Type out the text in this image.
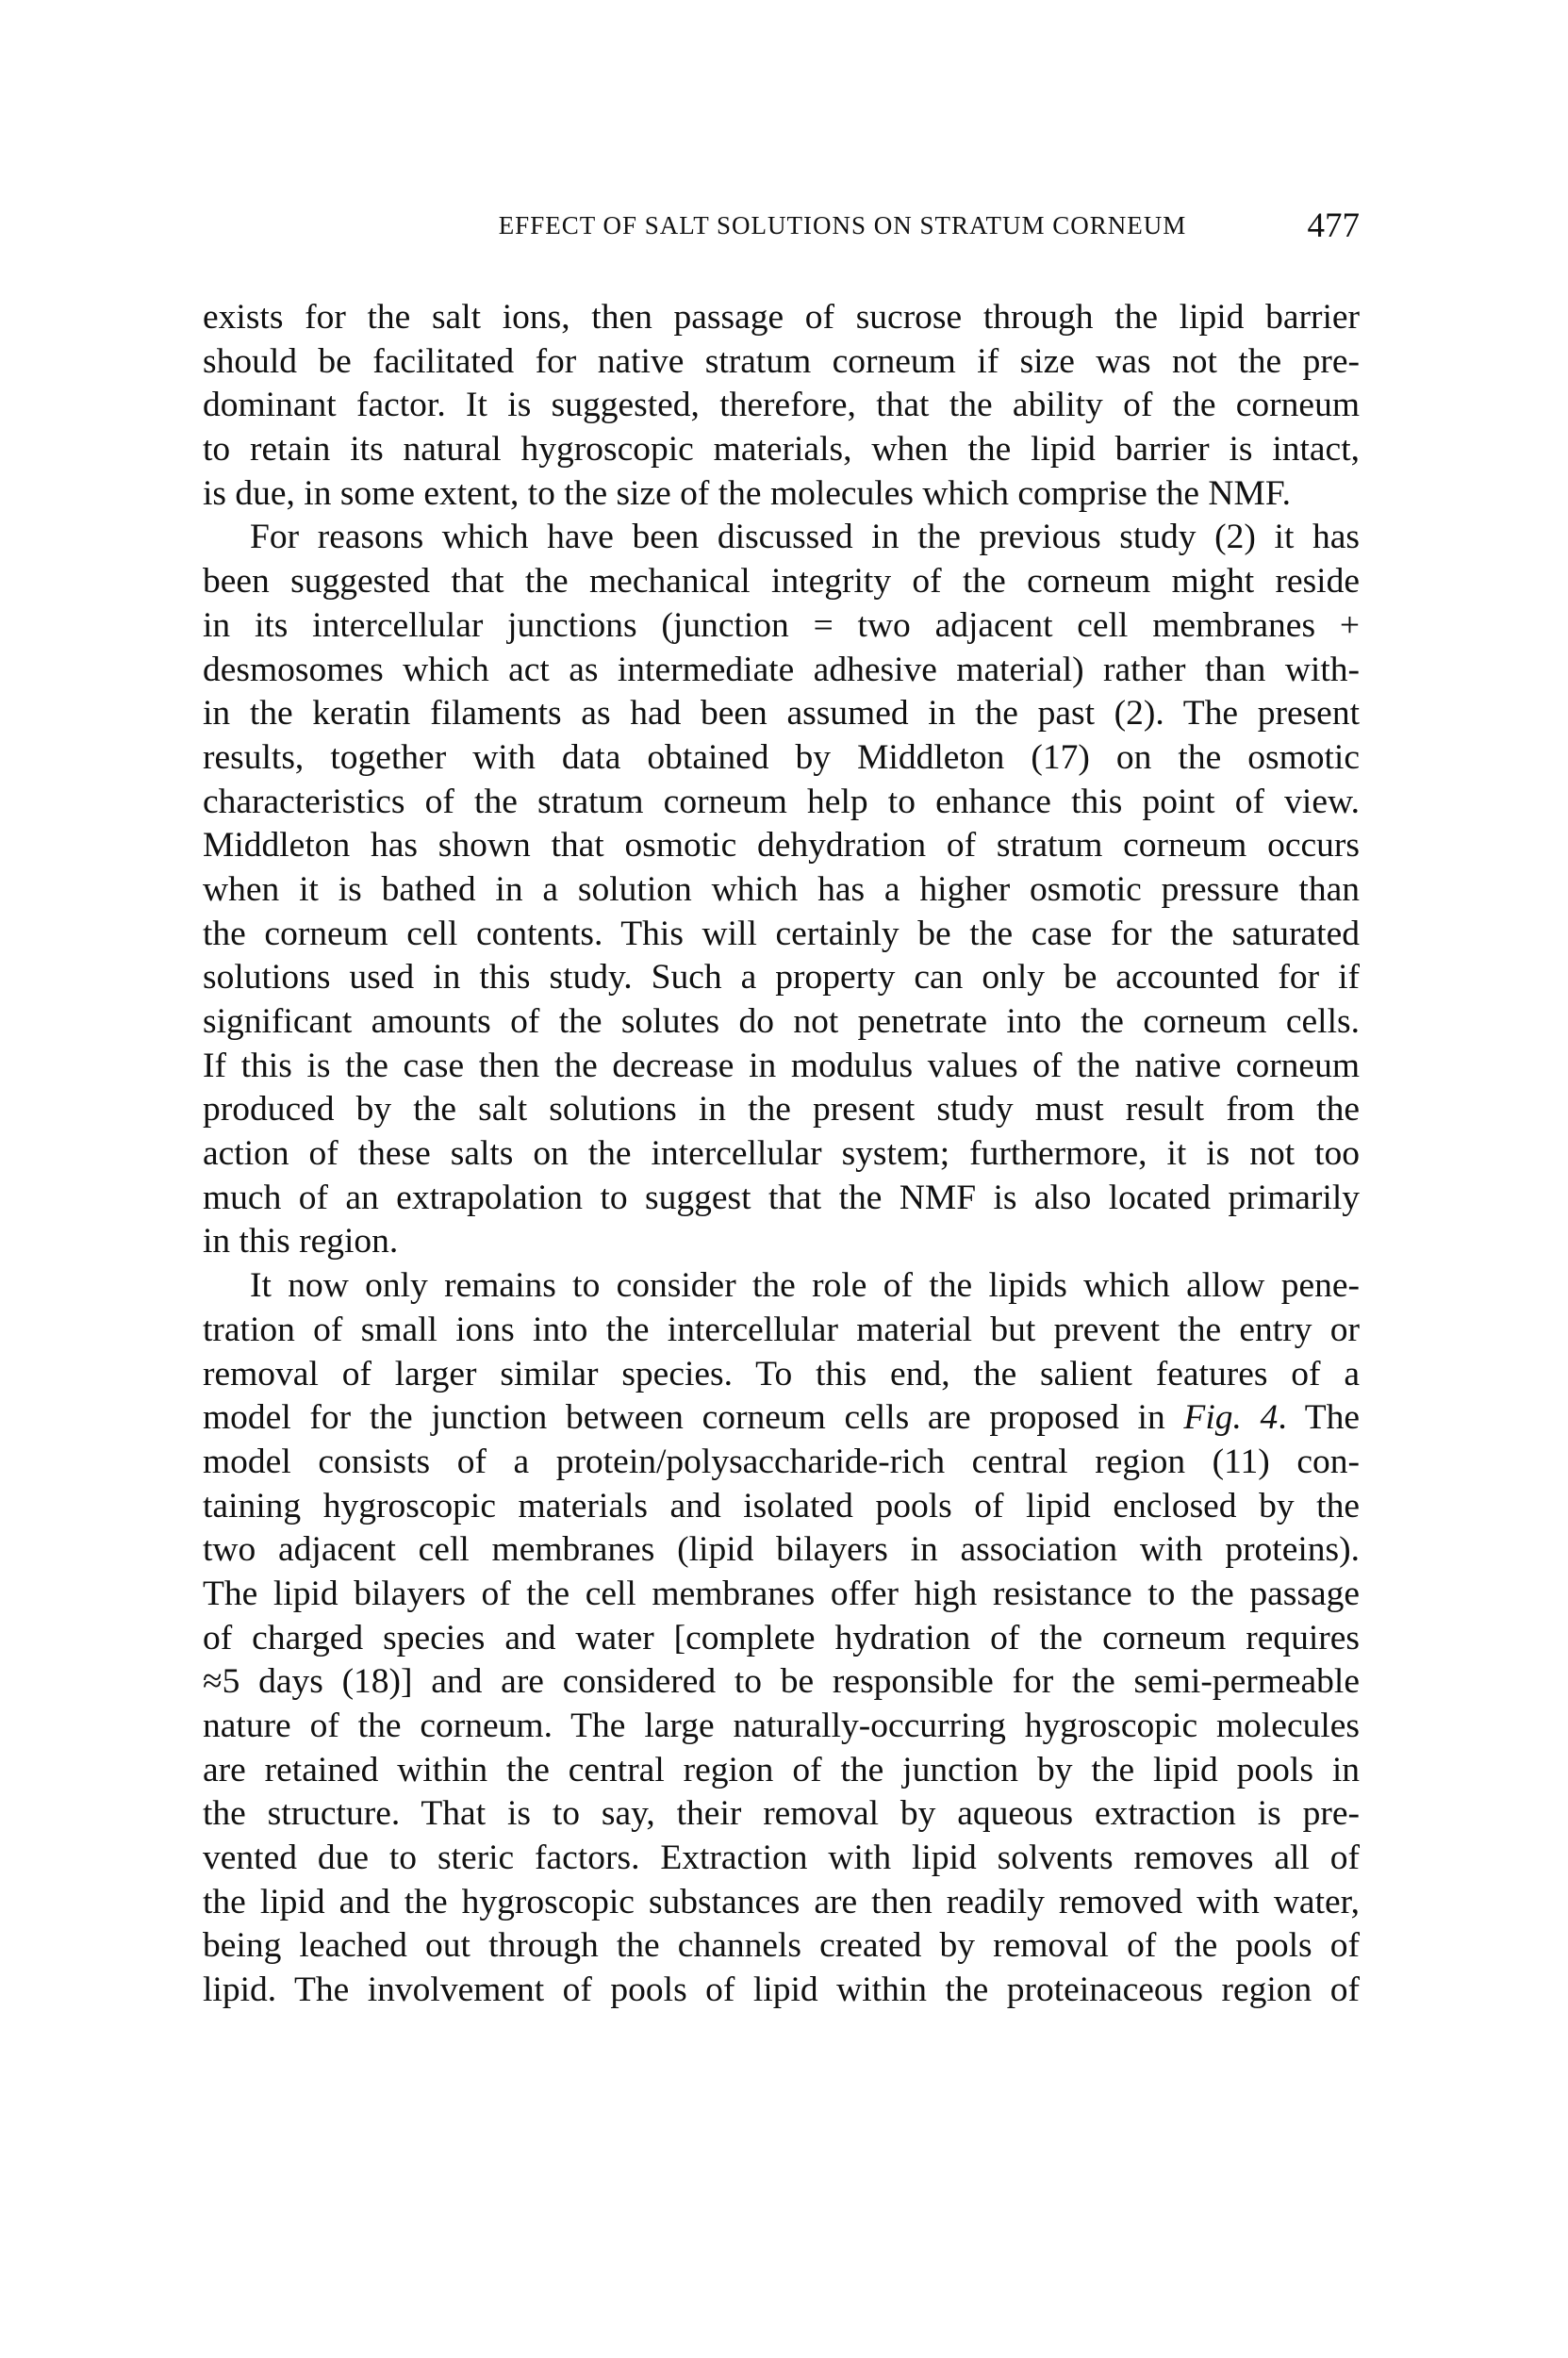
EFFECT OF SALT SOLUTIONS ON STRATUM CORNEUM	477
exists for the salt ions, then passage of sucrose through the lipid barrier
should be facilitated for native stratum corneum if size was not the pre-
dominant factor. It is suggested, therefore, that the ability of the corneum
to retain its natural hygroscopic materials, when the lipid barrier is intact,
is due, in some extent, to the size of the molecules which comprise the NMF.
For reasons which have been discussed in the previous study (2) it has
been suggested that the mechanical integrity of the corneum might reside
in its intercellular junctions (junction = two adjacent cell membranes +
desmosomes which act as intermediate adhesive material) rather than with-
in the keratin filaments as had been assumed in the past (2). The present
results, together with data obtained by Middleton (17) on the osmotic
characteristics of the stratum corneum help to enhance this point of view.
Middleton has shown that osmotic dehydration of stratum corneum occurs
when it is bathed in a solution which has a higher osmotic pressure than
the corneum cell contents. This will certainly be the case for the saturated
solutions used in this study. Such a property can only be accounted for if
significant amounts of the solutes do not penetrate into the corneum cells.
If this is the case then the decrease in modulus values of the native corneum
produced by the salt solutions in the present study must result from the
action of these salts on the intercellular system; furthermore, it is not too
much of an extrapolation to suggest that the NMF is also located primarily
in this region.
It now only remains to consider the role of the lipids which allow pene-
tration of small ions into the intercellular material but prevent the entry or
removal of larger similar species. To this end, the salient features of a
model for the junction between corneum cells are proposed in Fig. 4. The
model consists of a protein/polysaccharide-rich central region (11) con-
taining hygroscopic materials and isolated pools of lipid enclosed by the
two adjacent cell membranes (lipid bilayers in association with proteins).
The lipid bilayers of the cell membranes offer high resistance to the passage
of charged species and water [complete hydration of the corneum requires
≈5 days (18)] and are considered to be responsible for the semi-permeable
nature of the corneum. The large naturally-occurring hygroscopic molecules
are retained within the central region of the junction by the lipid pools in
the structure. That is to say, their removal by aqueous extraction is pre-
vented due to steric factors. Extraction with lipid solvents removes all of
the lipid and the hygroscopic substances are then readily removed with water,
being leached out through the channels created by removal of the pools of
lipid. The involvement of pools of lipid within the proteinaceous region of
